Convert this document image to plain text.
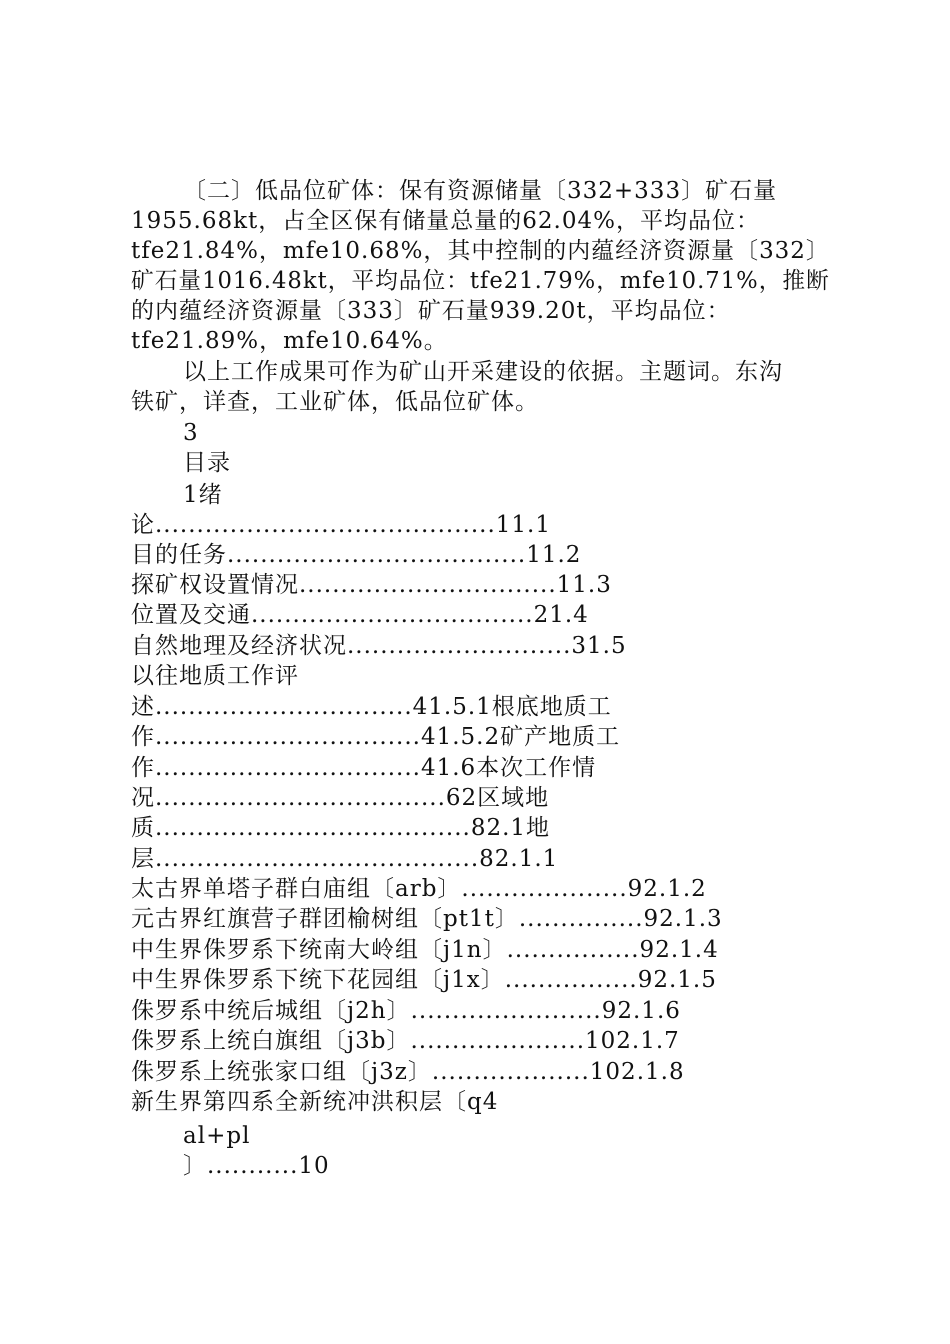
〔二〕低品位矿体：保有资源储量〔332+333〕矿石量
1955.68kt，占全区保有储量总量的62.04%，平均品位：
tfe21.84%，mfe10.68%，其中控制的内蕴经济资源量〔332〕
矿石量1016.48kt，平均品位：tfe21.79%，mfe10.71%，推断
的内蕴经济资源量〔333〕矿石量939.20t，平均品位：
tfe21.89%，mfe10.64%。
以上工作成果可作为矿山开采建设的依据。主题词。东沟
铁矿，详查，工业矿体，低品位矿体。
3
目录
1绪
论.........................................11.1
目的任务....................................11.2
探矿权设置情况...............................11.3
位置及交通..................................21.4
自然地理及经济状况...........................31.5
以往地质工作评
述...............................41.5.1根底地质工
作................................41.5.2矿产地质工
作................................41.6本次工作情
况...................................62区域地
质......................................82.1地
层.......................................82.1.1
太古界单塔子群白庙组〔arb〕....................92.1.2
元古界红旗营子群团榆树组〔pt1t〕...............92.1.3
中生界侏罗系下统南大岭组〔j1n〕................92.1.4
中生界侏罗系下统下花园组〔j1x〕................92.1.5
侏罗系中统后城组〔j2h〕.......................92.1.6
侏罗系上统白旗组〔j3b〕.....................102.1.7
侏罗系上统张家口组〔j3z〕...................102.1.8
新生界第四系全新统冲洪积层〔q4
al+pl
〕...........10
